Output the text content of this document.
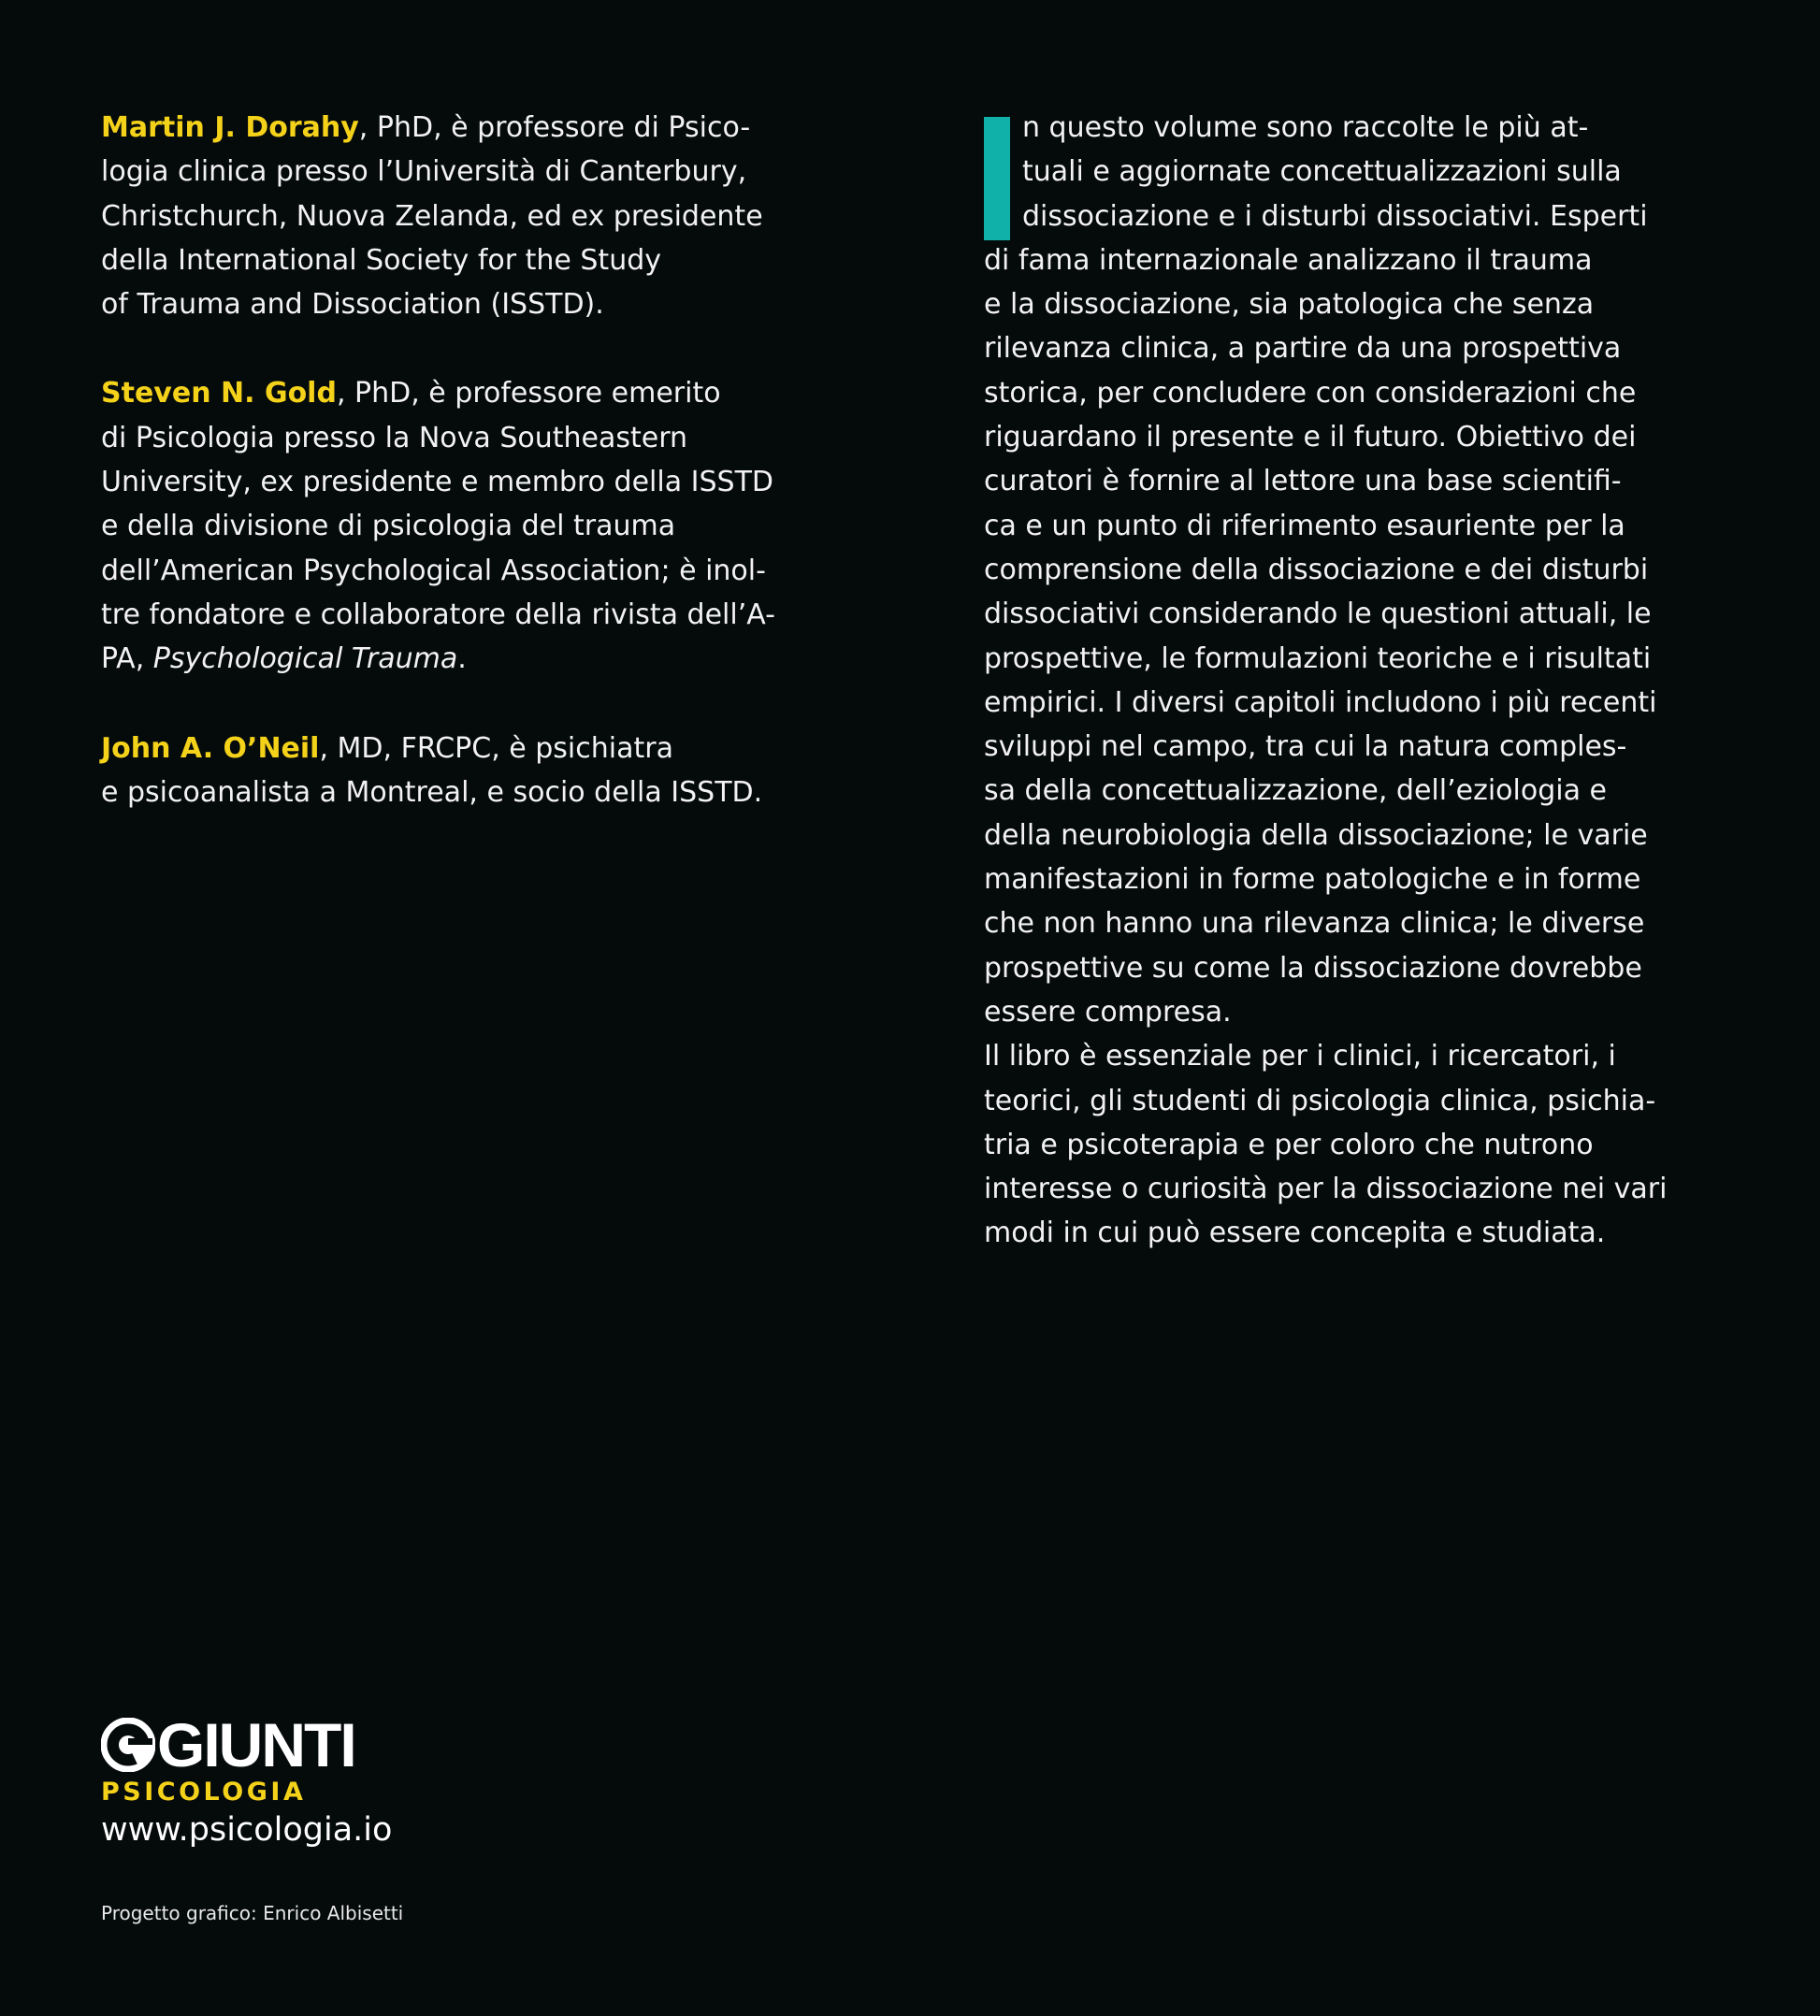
Martin J. Dorahy, PhD, è professore di Psico-
logia clinica presso l’Università di Canterbury,
Christchurch, Nuova Zelanda, ed ex presidente
della International Society for the Study
of Trauma and Dissociation (ISSTD).

Steven N. Gold, PhD, è professore emerito
di Psicologia presso la Nova Southeastern
University, ex presidente e membro della ISSTD
e della divisione di psicologia del trauma
dell’American Psychological Association; è inol-
tre fondatore e collaboratore della rivista dell’A-
PA, Psychological Trauma.

John A. O’Neil, MD, FRCPC, è psichiatra
e psicoanalista a Montreal, e socio della ISSTD.

n questo volume sono raccolte le più at-
tuali e aggiornate concettualizzazioni sulla
dissociazione e i disturbi dissociativi. Esperti
di fama internazionale analizzano il trauma
e la dissociazione, sia patologica che senza
rilevanza clinica, a partire da una prospettiva
storica, per concludere con considerazioni che
riguardano il presente e il futuro. Obiettivo dei
curatori è fornire al lettore una base scientifi-
ca e un punto di riferimento esauriente per la
comprensione della dissociazione e dei disturbi
dissociativi considerando le questioni attuali, le
prospettive, le formulazioni teoriche e i risultati
empirici. I diversi capitoli includono i più recenti
sviluppi nel campo, tra cui la natura comples-
sa della concettualizzazione, dell’eziologia e
della neurobiologia della dissociazione; le varie
manifestazioni in forme patologiche e in forme
che non hanno una rilevanza clinica; le diverse
prospettive su come la dissociazione dovrebbe
essere compresa.
Il libro è essenziale per i clinici, i ricercatori, i
teorici, gli studenti di psicologia clinica, psichia-
tria e psicoterapia e per coloro che nutrono
interesse o curiosità per la dissociazione nei vari
modi in cui può essere concepita e studiata.

GIUNTI
PSICOLOGIA
www.psicologia.io
Progetto grafico: Enrico Albisetti
